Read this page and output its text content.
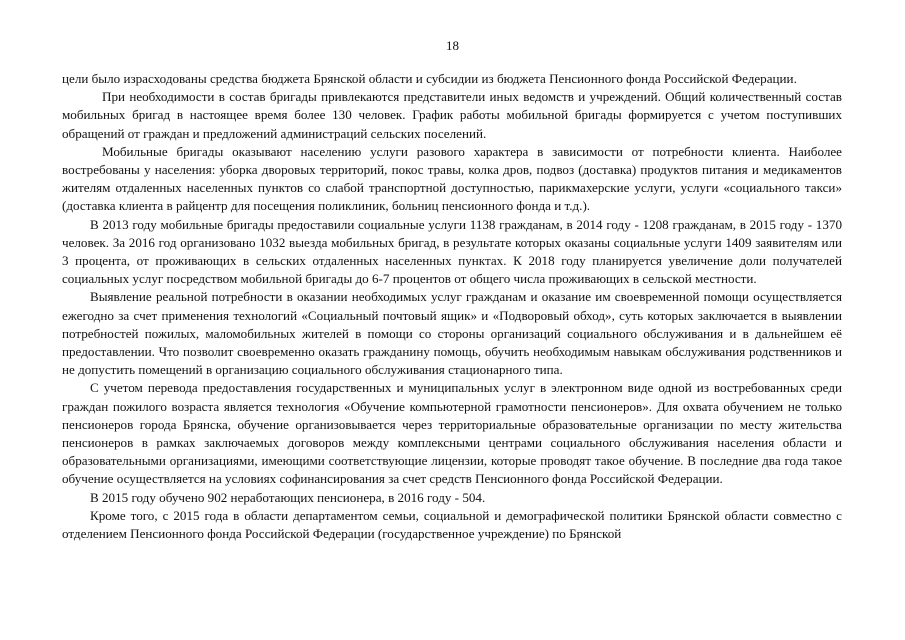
18

цели было израсходованы средства бюджета Брянской области и субсидии из бюджета Пенсионного фонда Российской Федерации.

При необходимости в состав бригады привлекаются представители иных ведомств и учреждений. Общий количественный состав мобильных бригад в настоящее время более 130 человек. График работы мобильной бригады формируется с учетом поступивших обращений от граждан и предложений администраций сельских поселений.

Мобильные бригады оказывают населению услуги разового характера в зависимости от потребности клиента. Наиболее востребованы у населения: уборка дворовых территорий, покос травы, колка дров, подвоз (доставка) продуктов питания и медикаментов жителям отдаленных населенных пунктов со слабой транспортной доступностью, парикмахерские услуги, услуги «социального такси» (доставка клиента в райцентр для посещения поликлиник, больниц пенсионного фонда и т.д.).

В 2013 году мобильные бригады предоставили социальные услуги 1138 гражданам, в 2014 году - 1208 гражданам, в 2015 году - 1370 человек. За 2016 год организовано 1032 выезда мобильных бригад, в результате которых оказаны социальные услуги 1409 заявителям или 3 процента, от проживающих в сельских отдаленных населенных пунктах. К 2018 году планируется увеличение доли получателей социальных услуг посредством мобильной бригады до 6-7 процентов от общего числа проживающих в сельской местности.

Выявление реальной потребности в оказании необходимых услуг гражданам и оказание им своевременной помощи осуществляется ежегодно за счет применения технологий «Социальный почтовый ящик» и «Подворовый обход», суть которых заключается в выявлении потребностей пожилых, маломобильных жителей в помощи со стороны организаций социального обслуживания и в дальнейшем её предоставлении. Что позволит своевременно оказать гражданину помощь, обучить необходимым навыкам обслуживания родственников и не допустить помещений в организацию социального обслуживания стационарного типа.

С учетом перевода предоставления государственных и муниципальных услуг в электронном виде одной из востребованных среди граждан пожилого возраста является технология «Обучение компьютерной грамотности пенсионеров». Для охвата обучением не только пенсионеров города Брянска, обучение организовывается через территориальные образовательные организации по месту жительства пенсионеров в рамках заключаемых договоров между комплексными центрами социального обслуживания населения области и образовательными организациями, имеющими соответствующие лицензии, которые проводят такое обучение. В последние два года такое обучение осуществляется на условиях софинансирования за счет средств Пенсионного фонда Российской Федерации.

В 2015 году обучено 902 неработающих пенсионера, в 2016 году - 504.

Кроме того, с 2015 года в области департаментом семьи, социальной и демографической политики Брянской области совместно с отделением Пенсионного фонда Российской Федерации (государственное учреждение) по Брянской
